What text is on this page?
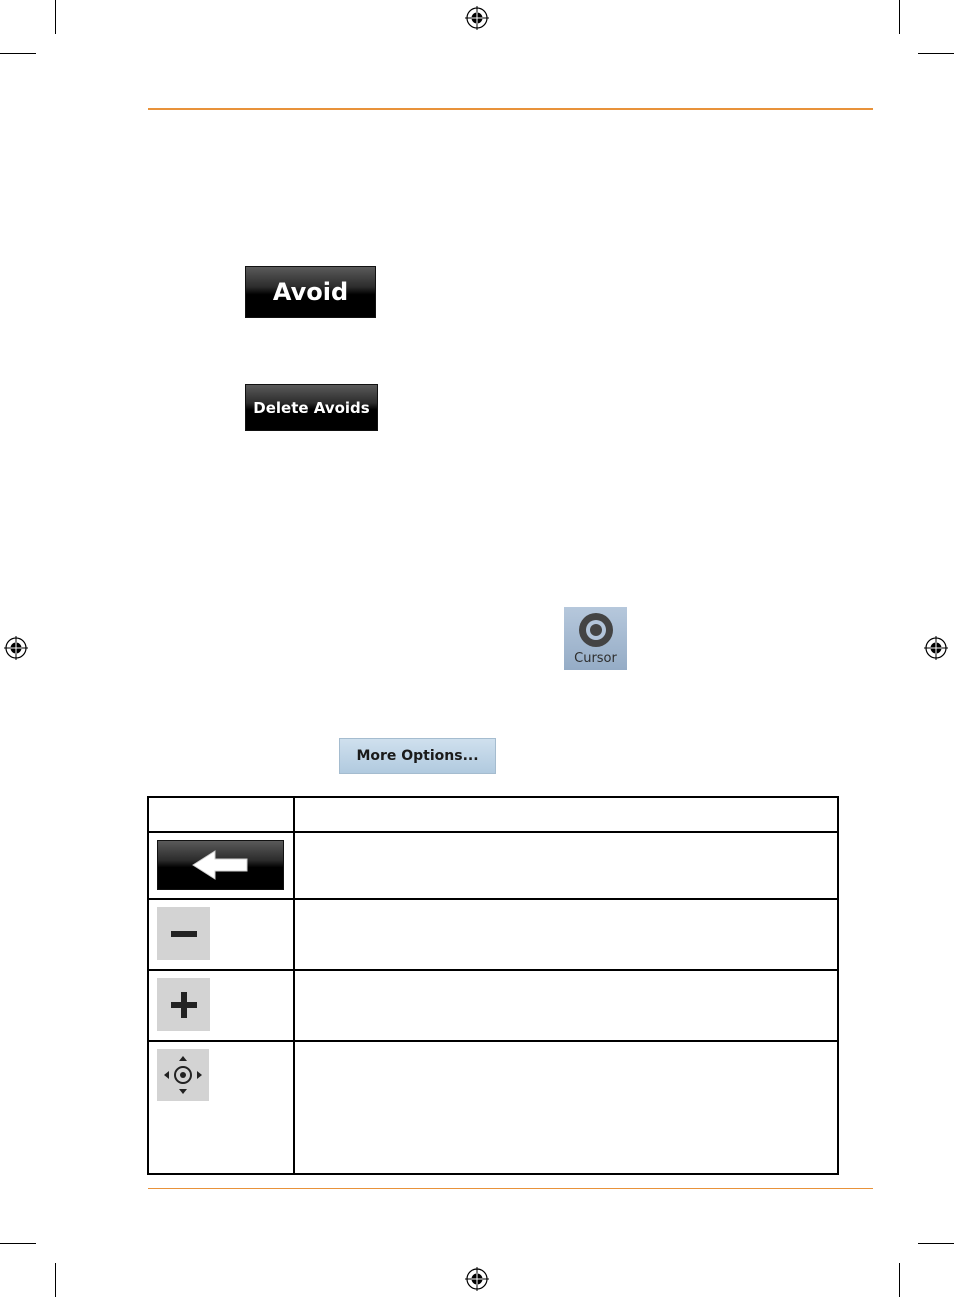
Avoid
Delete Avoids
Cursor
More Options...
